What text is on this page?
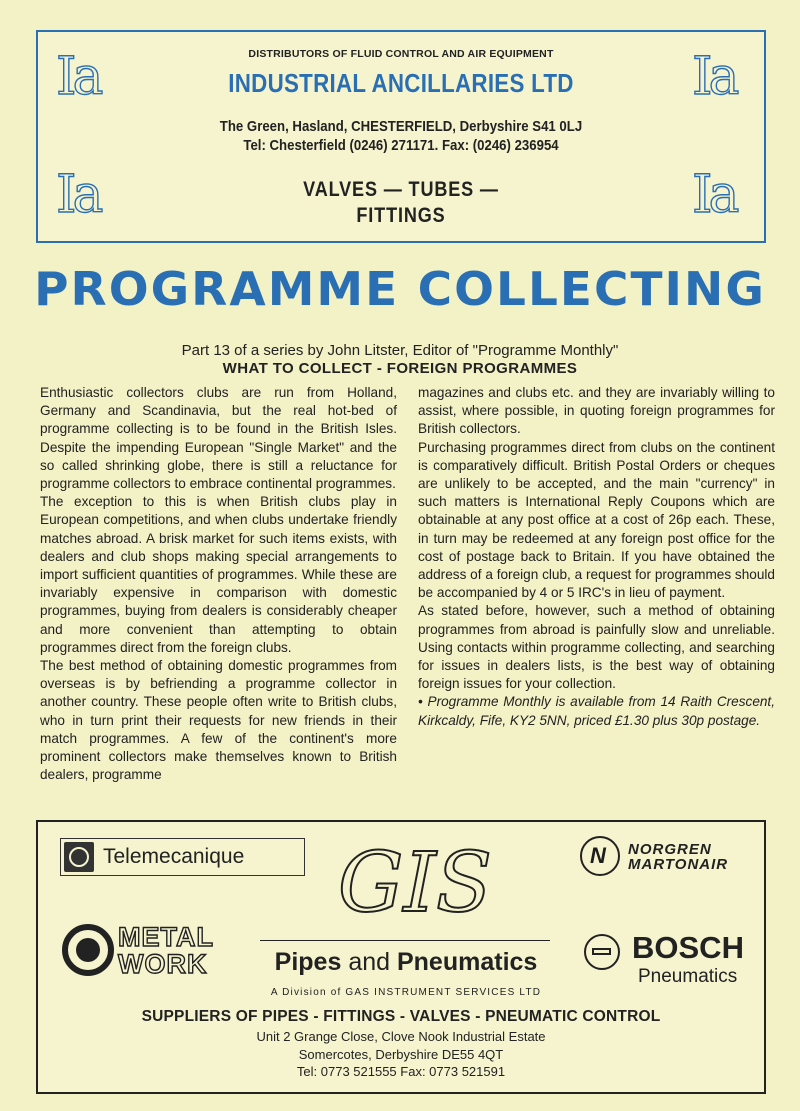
Ia	Ia
Ia	Ia
DISTRIBUTORS OF FLUID CONTROL AND AIR EQUIPMENT
INDUSTRIAL ANCILLARIES LTD
The Green, Hasland, CHESTERFIELD, Derbyshire S41 0LJ
Tel: Chesterfield (0246) 271171. Fax: (0246) 236954
VALVES — TUBES —
FITTINGS
PROGRAMME COLLECTING
Part 13 of a series by John Litster, Editor of "Programme Monthly"
WHAT TO COLLECT - FOREIGN PROGRAMMES

Enthusiastic collectors clubs are run from Holland, Germany and Scandinavia, but the real hot-bed of programme collecting is to be found in the British Isles. Despite the impending European "Single Market" and the so called shrinking globe, there is still a reluctance for programme collectors to embrace continental programmes.

The exception to this is when British clubs play in European competitions, and when clubs undertake friendly matches abroad. A brisk market for such items exists, with dealers and club shops making special arrangements to import sufficient quantities of programmes. While these are invariably expensive in comparison with domestic programmes, buying from dealers is considerably cheaper and more convenient than attempting to obtain programmes direct from the foreign clubs.

The best method of obtaining domestic programmes from overseas is by befriending a programme collector in another country. These people often write to British clubs, who in turn print their requests for new friends in their match programmes. A few of the continent's more prominent collectors make themselves known to British dealers, programme

magazines and clubs etc. and they are invariably willing to assist, where possible, in quoting foreign programmes for British collectors.

Purchasing programmes direct from clubs on the continent is comparatively difficult. British Postal Orders or cheques are unlikely to be accepted, and the main "currency" in such matters is International Reply Coupons which are obtainable at any post office at a cost of 26p each. These, in turn may be redeemed at any foreign post office for the cost of postage back to Britain. If you have obtained the address of a foreign club, a request for programmes should be accompanied by 4 or 5 IRC's in lieu of payment.

As stated before, however, such a method of obtaining programmes from abroad is painfully slow and unreliable. Using contacts within programme collecting, and searching for issues in dealers lists, is the best way of obtaining foreign issues for your collection.

• Programme Monthly is available from 14 Raith Crescent, Kirkcaldy, Fife, KY2 5NN, priced £1.30 plus 30p postage.

Telemecanique GIS	N NORGREN
MARTONAIR
METAL
WORK	Pipes and Pneumatics
A Division of GAS INSTRUMENT SERVICES LTD
BOSCH
Pneumatics
SUPPLIERS OF PIPES - FITTINGS - VALVES - PNEUMATIC CONTROL
Unit 2 Grange Close, Clove Nook Industrial Estate
Somercotes, Derbyshire DE55 4QT
Tel: 0773 521555 Fax: 0773 521591
